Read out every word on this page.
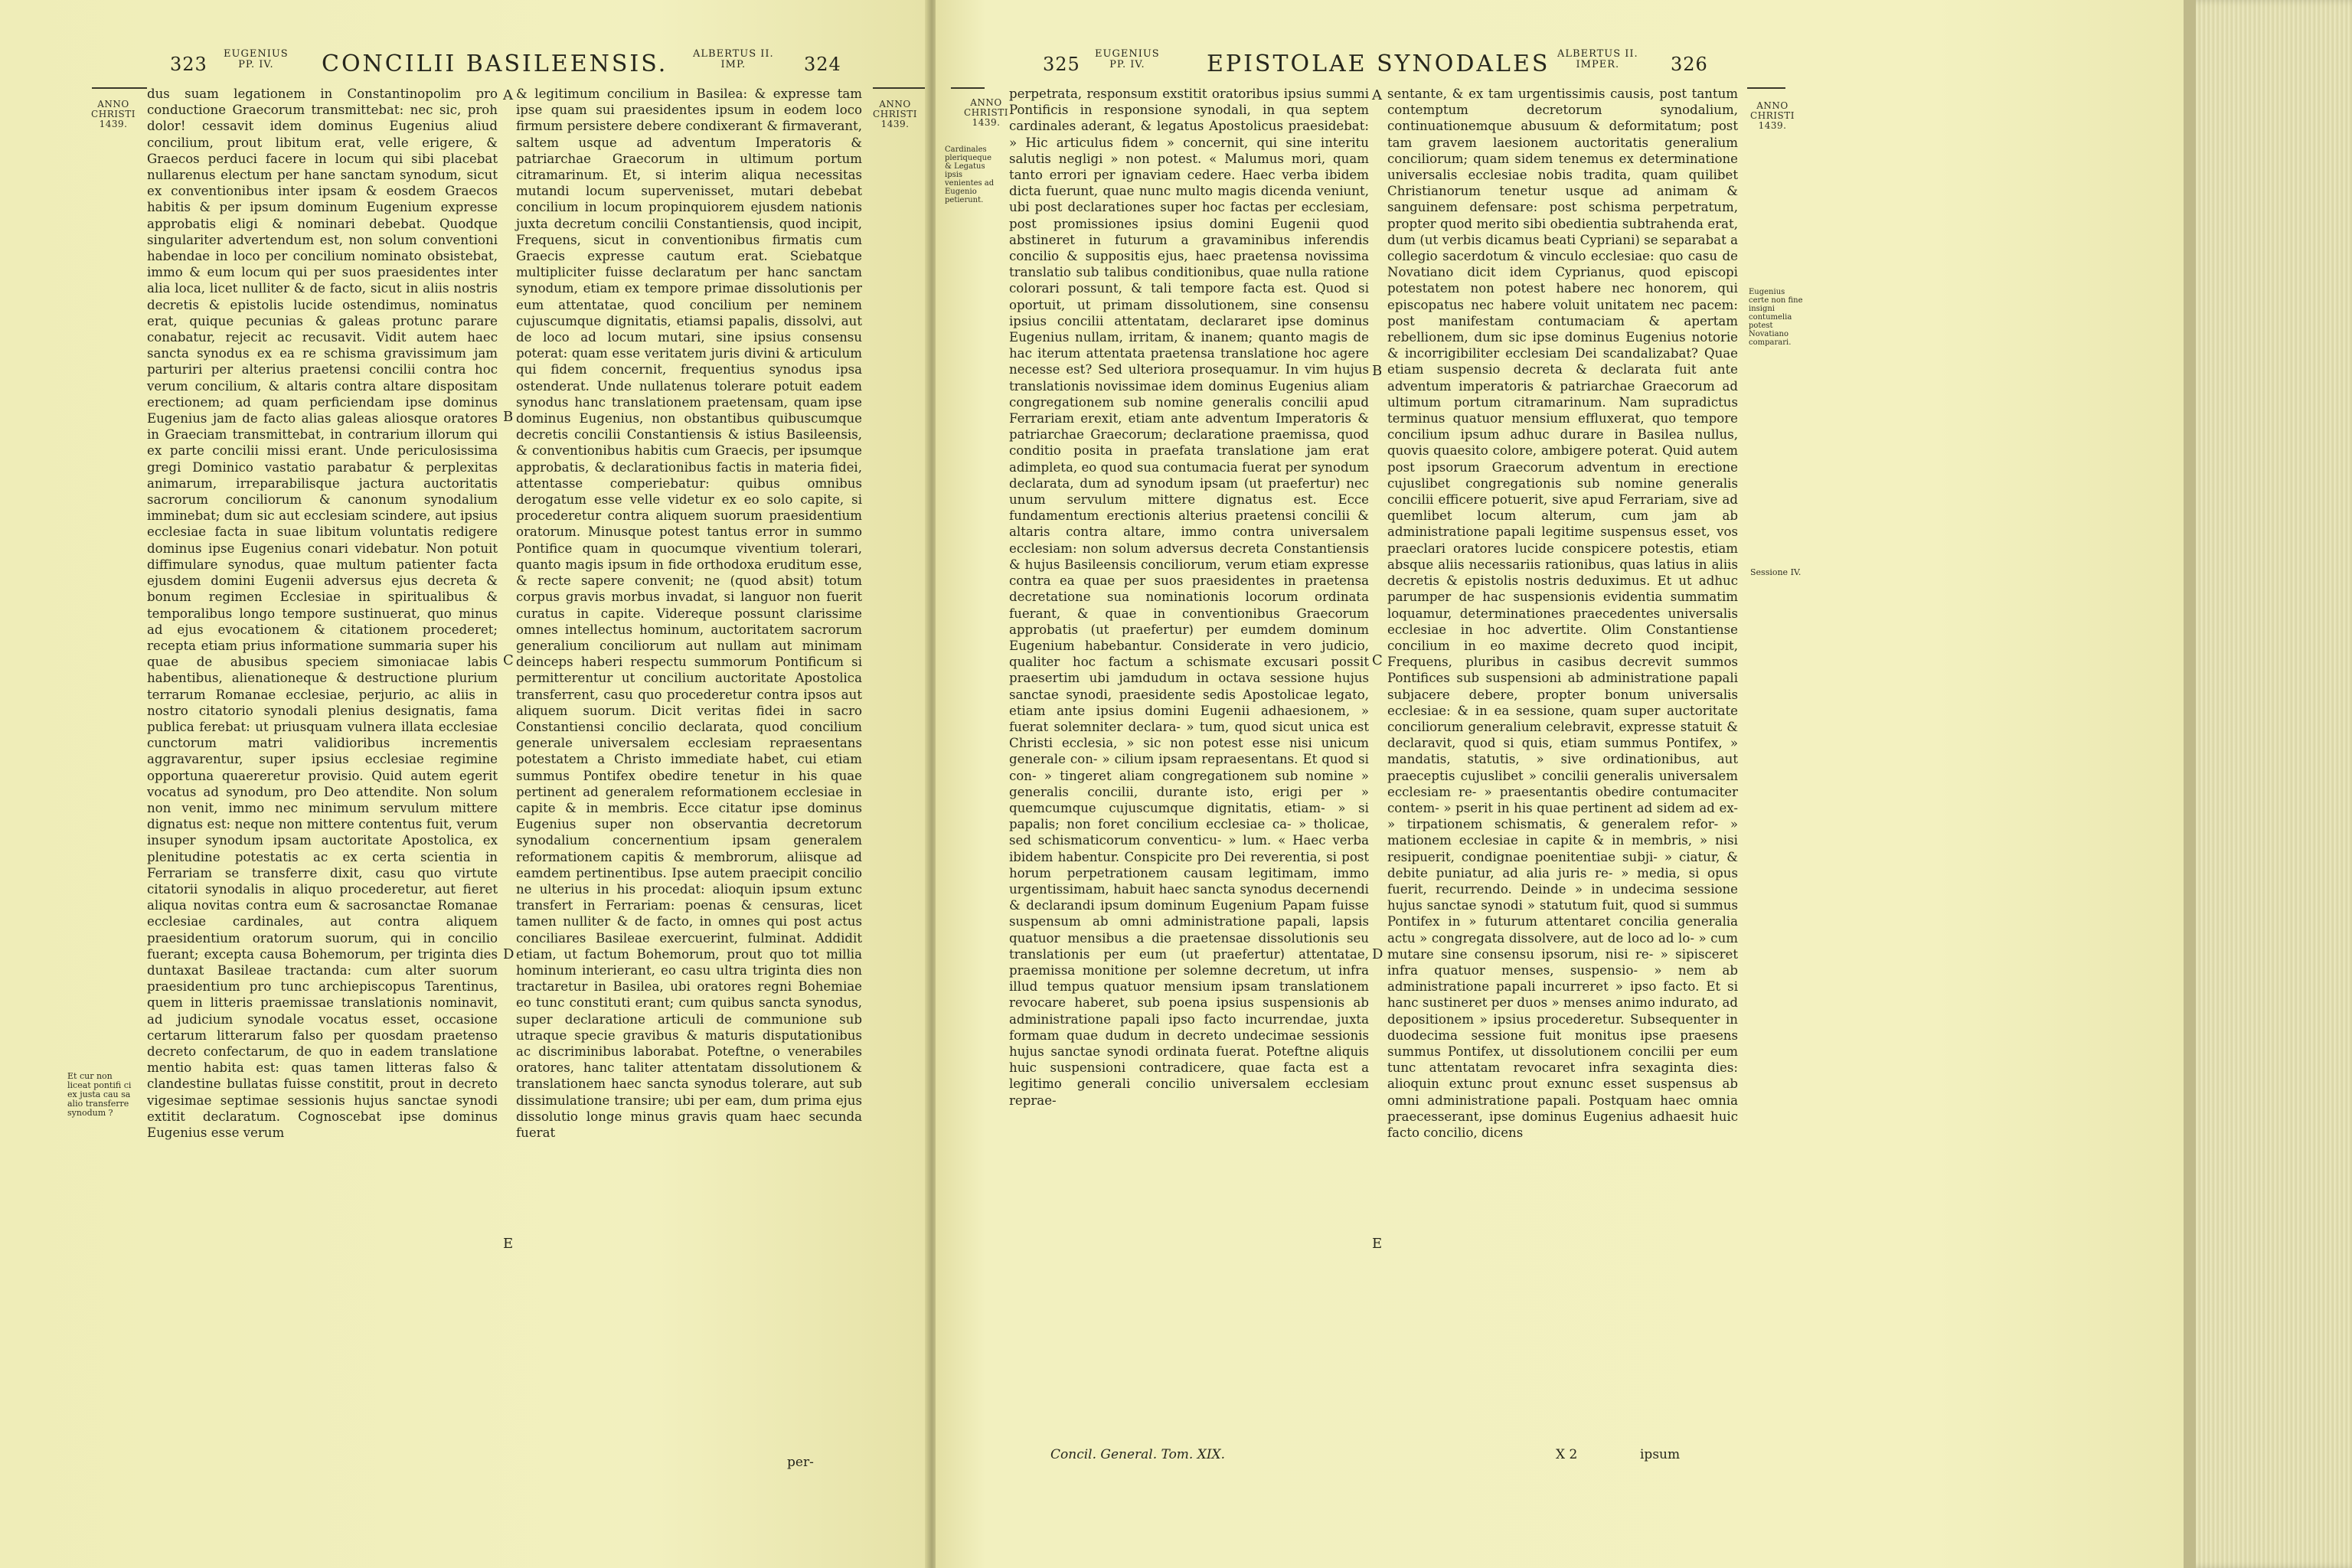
323 EUGENIUS
PP. IV.	CONCILII BASILEENSIS.	ALBERTUS II.
IMP.	324
ANNO CHRISTI 1439.
ANNO CHRISTI 1439.
Et cur non liceat pontifi ci ex justa cau sa alio transferre synodum ?

dus suam legationem in Constantinopolim pro conductione Graecorum transmittebat: nec sic, proh dolor! cessavit idem dominus Eugenius aliud concilium, prout libitum erat, velle erigere, & Graecos perduci facere in locum qui sibi placebat nullarenus electum per hane sanctam synodum, sicut ex conventionibus inter ipsam & eosdem Graecos habitis & per ipsum dominum Eugenium expresse approbatis eligi & nominari debebat. Quodque singulariter advertendum est, non solum conventioni habendae in loco per concilium nominato obsistebat, immo & eum locum qui per suos praesidentes inter alia loca, licet nulliter & de facto, sicut in aliis nostris decretis & epistolis lucide ostendimus, nominatus erat, quique pecunias & galeas protunc parare conabatur, rejecit ac recusavit. Vidit autem haec sancta synodus ex ea re schisma gravissimum jam parturiri per alterius praetensi concilii contra hoc verum concilium, & altaris contra altare dispositam erectionem; ad quam perficiendam ipse dominus Eugenius jam de facto alias galeas aliosque oratores in Graeciam transmittebat, in contrarium illorum qui ex parte concilii missi erant. Unde periculosissima gregi Dominico vastatio parabatur & perplexitas animarum, irreparabilisque jactura auctoritatis sacrorum conciliorum & canonum synodalium imminebat; dum sic aut ecclesiam scindere, aut ipsius ecclesiae facta in suae libitum voluntatis redigere dominus ipse Eugenius conari videbatur. Non potuit diffimulare synodus, quae multum patienter facta ejusdem domini Eugenii adversus ejus decreta & bonum regimen Ecclesiae in spiritualibus & temporalibus longo tempore sustinuerat, quo minus ad ejus evocationem & citationem procederet; recepta etiam prius informatione summaria super his quae de abusibus speciem simoniacae labis habentibus, alienationeque & destructione plurium terrarum Romanae ecclesiae, perjurio, ac aliis in nostro citatorio synodali plenius designatis, fama publica ferebat: ut priusquam vulnera illata ecclesiae cunctorum matri validioribus incrementis aggravarentur, super ipsius ecclesiae regimine opportuna quaereretur provisio. Quid autem egerit vocatus ad synodum, pro Deo attendite. Non solum non venit, immo nec minimum servulum mittere dignatus est: neque non mittere contentus fuit, verum insuper synodum ipsam auctoritate Apostolica, ex plenitudine potestatis ac ex certa scientia in Ferrariam se transferre dixit, casu quo virtute citatorii synodalis in aliquo procederetur, aut fieret aliqua novitas contra eum & sacrosanctae Romanae ecclesiae cardinales, aut contra aliquem praesidentium oratorum suorum, qui in concilio fuerant; excepta causa Bohemorum, per triginta dies duntaxat Basileae tractanda: cum alter suorum praesidentium pro tunc archiepiscopus Tarentinus, quem in litteris praemissae translationis nominavit, ad judicium synodale vocatus esset, occasione certarum litterarum falso per quosdam praetenso decreto confectarum, de quo in eadem translatione mentio habita est: quas tamen litteras falso & clandestine bullatas fuisse constitit, prout in decreto vigesimae septimae sessionis hujus sanctae synodi extitit declaratum. Cognoscebat ipse dominus Eugenius esse verum

& legitimum concilium in Basilea: & expresse tam ipse quam sui praesidentes ipsum in eodem loco firmum persistere debere condixerant & firmaverant, saltem usque ad adventum Imperatoris & patriarchae Graecorum in ultimum portum citramarinum. Et, si interim aliqua necessitas mutandi locum supervenisset, mutari debebat concilium in locum propinquiorem ejusdem nationis juxta decretum concilii Constantiensis, quod incipit, Frequens, sicut in conventionibus firmatis cum Graecis expresse cautum erat. Sciebatque multipliciter fuisse declaratum per hanc sanctam synodum, etiam ex tempore primae dissolutionis per eum attentatae, quod concilium per neminem cujuscumque dignitatis, etiamsi papalis, dissolvi, aut de loco ad locum mutari, sine ipsius consensu poterat: quam esse veritatem juris divini & articulum qui fidem concernit, frequentius synodus ipsa ostenderat. Unde nullatenus tolerare potuit eadem synodus hanc translationem praetensam, quam ipse dominus Eugenius, non obstantibus quibuscumque decretis concilii Constantiensis & istius Basileensis, & conventionibus habitis cum Graecis, per ipsumque approbatis, & declarationibus factis in materia fidei, attentasse comperiebatur: quibus omnibus derogatum esse velle videtur ex eo solo capite, si procederetur contra aliquem suorum praesidentium oratorum. Minusque potest tantus error in summo Pontifice quam in quocumque viventium tolerari, quanto magis ipsum in fide orthodoxa eruditum esse, & recte sapere convenit; ne (quod absit) totum corpus gravis morbus invadat, si languor non fuerit curatus in capite. Videreque possunt clarissime omnes intellectus hominum, auctoritatem sacrorum generalium conciliorum aut nullam aut minimam deinceps haberi respectu summorum Pontificum si permitterentur ut concilium auctoritate Apostolica transferrent, casu quo procederetur contra ipsos aut aliquem suorum. Dicit veritas fidei in sacro Constantiensi concilio declarata, quod concilium generale universalem ecclesiam repraesentans potestatem a Christo immediate habet, cui etiam summus Pontifex obedire tenetur in his quae pertinent ad generalem reformationem ecclesiae in capite & in membris. Ecce citatur ipse dominus Eugenius super non observantia decretorum synodalium concernentium ipsam generalem reformationem capitis & membrorum, aliisque ad eamdem pertinentibus. Ipse autem praecipit concilio ne ulterius in his procedat: alioquin ipsum extunc transfert in Ferrariam: poenas & censuras, licet tamen nulliter & de facto, in omnes qui post actus conciliares Basileae exercuerint, fulminat. Addidit etiam, ut factum Bohemorum, prout quo tot millia hominum interierant, eo casu ultra triginta dies non tractaretur in Basilea, ubi oratores regni Bohemiae eo tunc constituti erant; cum quibus sancta synodus, super declaratione articuli de communione sub utraque specie gravibus & maturis disputationibus ac discriminibus laborabat. Poteftne, o venerabiles oratores, hanc taliter attentatam dissolutionem & translationem haec sancta synodus tolerare, aut sub dissimulatione transire; ubi per eam, dum prima ejus dissolutio longe minus gravis quam haec secunda fuerat

A
B
C
D
E
per-
325 EUGENIUS
PP. IV.	EPISTOLAE SYNODALES ALBERTUS II.
IMPER.	326
ANNO CHRISTI 1439.
ANNO CHRISTI 1439.
Cardinales pleriqueque & Legatus ipsis venientes ad Eugenio petierunt.
Eugenius certe non fine insigni contumelia potest Novatiano comparari.
Sessione IV.

perpetrata, responsum exstitit oratoribus ipsius summi Pontificis in responsione synodali, in qua septem cardinales aderant, & legatus Apostolicus praesidebat: » Hic articulus fidem » concernit, qui sine interitu salutis negligi » non potest. « Malumus mori, quam tanto errori per ignaviam cedere. Haec verba ibidem dicta fuerunt, quae nunc multo magis dicenda veniunt, ubi post declarationes super hoc factas per ecclesiam, post promissiones ipsius domini Eugenii quod abstineret in futurum a gravaminibus inferendis concilio & suppositis ejus, haec praetensa novissima translatio sub talibus conditionibus, quae nulla ratione colorari possunt, & tali tempore facta est. Quod si oportuit, ut primam dissolutionem, sine consensu ipsius concilii attentatam, declararet ipse dominus Eugenius nullam, irritam, & inanem; quanto magis de hac iterum attentata praetensa translatione hoc agere necesse est? Sed ulteriora prosequamur. In vim hujus translationis novissimae idem dominus Eugenius aliam congregationem sub nomine generalis concilii apud Ferrariam erexit, etiam ante adventum Imperatoris & patriarchae Graecorum; declaratione praemissa, quod conditio posita in praefata translatione jam erat adimpleta, eo quod sua contumacia fuerat per synodum declarata, dum ad synodum ipsam (ut praefertur) nec unum servulum mittere dignatus est. Ecce fundamentum erectionis alterius praetensi concilii & altaris contra altare, immo contra universalem ecclesiam: non solum adversus decreta Constantiensis & hujus Basileensis conciliorum, verum etiam expresse contra ea quae per suos praesidentes in praetensa decretatione sua nominationis locorum ordinata fuerant, & quae in conventionibus Graecorum approbatis (ut praefertur) per eumdem dominum Eugenium habebantur. Considerate in vero judicio, qualiter hoc factum a schismate excusari possit praesertim ubi jamdudum in octava sessione hujus sanctae synodi, praesidente sedis Apostolicae legato, etiam ante ipsius domini Eugenii adhaesionem, » fuerat solemniter declara- » tum, quod sicut unica est Christi ecclesia, » sic non potest esse nisi unicum generale con- » cilium ipsam repraesentans. Et quod si con- » tingeret aliam congregationem sub nomine » generalis concilii, durante isto, erigi per » quemcumque cujuscumque dignitatis, etiam- » si papalis; non foret concilium ecclesiae ca- » tholicae, sed schismaticorum conventicu- » lum. « Haec verba ibidem habentur. Conspicite pro Dei reverentia, si post horum perpetrationem causam legitimam, immo urgentissimam, habuit haec sancta synodus decernendi & declarandi ipsum dominum Eugenium Papam fuisse suspensum ab omni administratione papali, lapsis quatuor mensibus a die praetensae dissolutionis seu translationis per eum (ut praefertur) attentatae, praemissa monitione per solemne decretum, ut infra illud tempus quatuor mensium ipsam translationem revocare haberet, sub poena ipsius suspensionis ab administratione papali ipso facto incurrendae, juxta formam quae dudum in decreto undecimae sessionis hujus sanctae synodi ordinata fuerat. Poteftne aliquis huic suspensioni contradicere, quae facta est a legitimo generali concilio universalem ecclesiam reprae-

sentante, & ex tam urgentissimis causis, post tantum contemptum decretorum synodalium, continuationemque abusuum & deformitatum; post tam gravem laesionem auctoritatis generalium conciliorum; quam sidem tenemus ex determinatione universalis ecclesiae nobis tradita, quam quilibet Christianorum tenetur usque ad animam & sanguinem defensare: post schisma perpetratum, propter quod merito sibi obedientia subtrahenda erat, dum (ut verbis dicamus beati Cypriani) se separabat a collegio sacerdotum & vinculo ecclesiae: quo casu de Novatiano dicit idem Cyprianus, quod episcopi potestatem non potest habere nec honorem, qui episcopatus nec habere voluit unitatem nec pacem: post manifestam contumaciam & apertam rebellionem, dum sic ipse dominus Eugenius notorie & incorrigibiliter ecclesiam Dei scandalizabat? Quae etiam suspensio decreta & declarata fuit ante adventum imperatoris & patriarchae Graecorum ad ultimum portum citramarinum. Nam supradictus terminus quatuor mensium effluxerat, quo tempore concilium ipsum adhuc durare in Basilea nullus, quovis quaesito colore, ambigere poterat. Quid autem post ipsorum Graecorum adventum in erectione cujuslibet congregationis sub nomine generalis concilii efficere potuerit, sive apud Ferrariam, sive ad quemlibet locum alterum, cum jam ab administratione papali legitime suspensus esset, vos praeclari oratores lucide conspicere potestis, etiam absque aliis necessariis rationibus, quas latius in aliis decretis & epistolis nostris deduximus. Et ut adhuc parumper de hac suspensionis evidentia summatim loquamur, determinationes praecedentes universalis ecclesiae in hoc advertite. Olim Constantiense concilium in eo maxime decreto quod incipit, Frequens, pluribus in casibus decrevit summos Pontifices sub suspensioni ab administratione papali subjacere debere, propter bonum universalis ecclesiae: & in ea sessione, quam super auctoritate conciliorum generalium celebravit, expresse statuit & declaravit, quod si quis, etiam summus Pontifex, » mandatis, statutis, » sive ordinationibus, aut praeceptis cujuslibet » concilii generalis universalem ecclesiam re- » praesentantis obedire contumaciter contem- » pserit in his quae pertinent ad sidem ad ex- » tirpationem schismatis, & generalem refor- » mationem ecclesiae in capite & in membris, » nisi resipuerit, condignae poenitentiae subji- » ciatur, & debite puniatur, ad alia juris re- » media, si opus fuerit, recurrendo. Deinde » in undecima sessione hujus sanctae synodi » statutum fuit, quod si summus Pontifex in » futurum attentaret concilia generalia actu » congregata dissolvere, aut de loco ad lo- » cum mutare sine consensu ipsorum, nisi re- » sipisceret infra quatuor menses, suspensio- » nem ab administratione papali incurreret » ipso facto. Et si hanc sustineret per duos » menses animo indurato, ad depositionem » ipsius procederetur. Subsequenter in duodecima sessione fuit monitus ipse praesens summus Pontifex, ut dissolutionem concilii per eum tunc attentatam revocaret infra sexaginta dies: alioquin extunc prout exnunc esset suspensus ab omni administratione papali. Postquam haec omnia praecesserant, ipse dominus Eugenius adhaesit huic facto concilio, dicens

A
B
C
D
E
Concil. General. Tom. XIX.	X 2	ipsum
